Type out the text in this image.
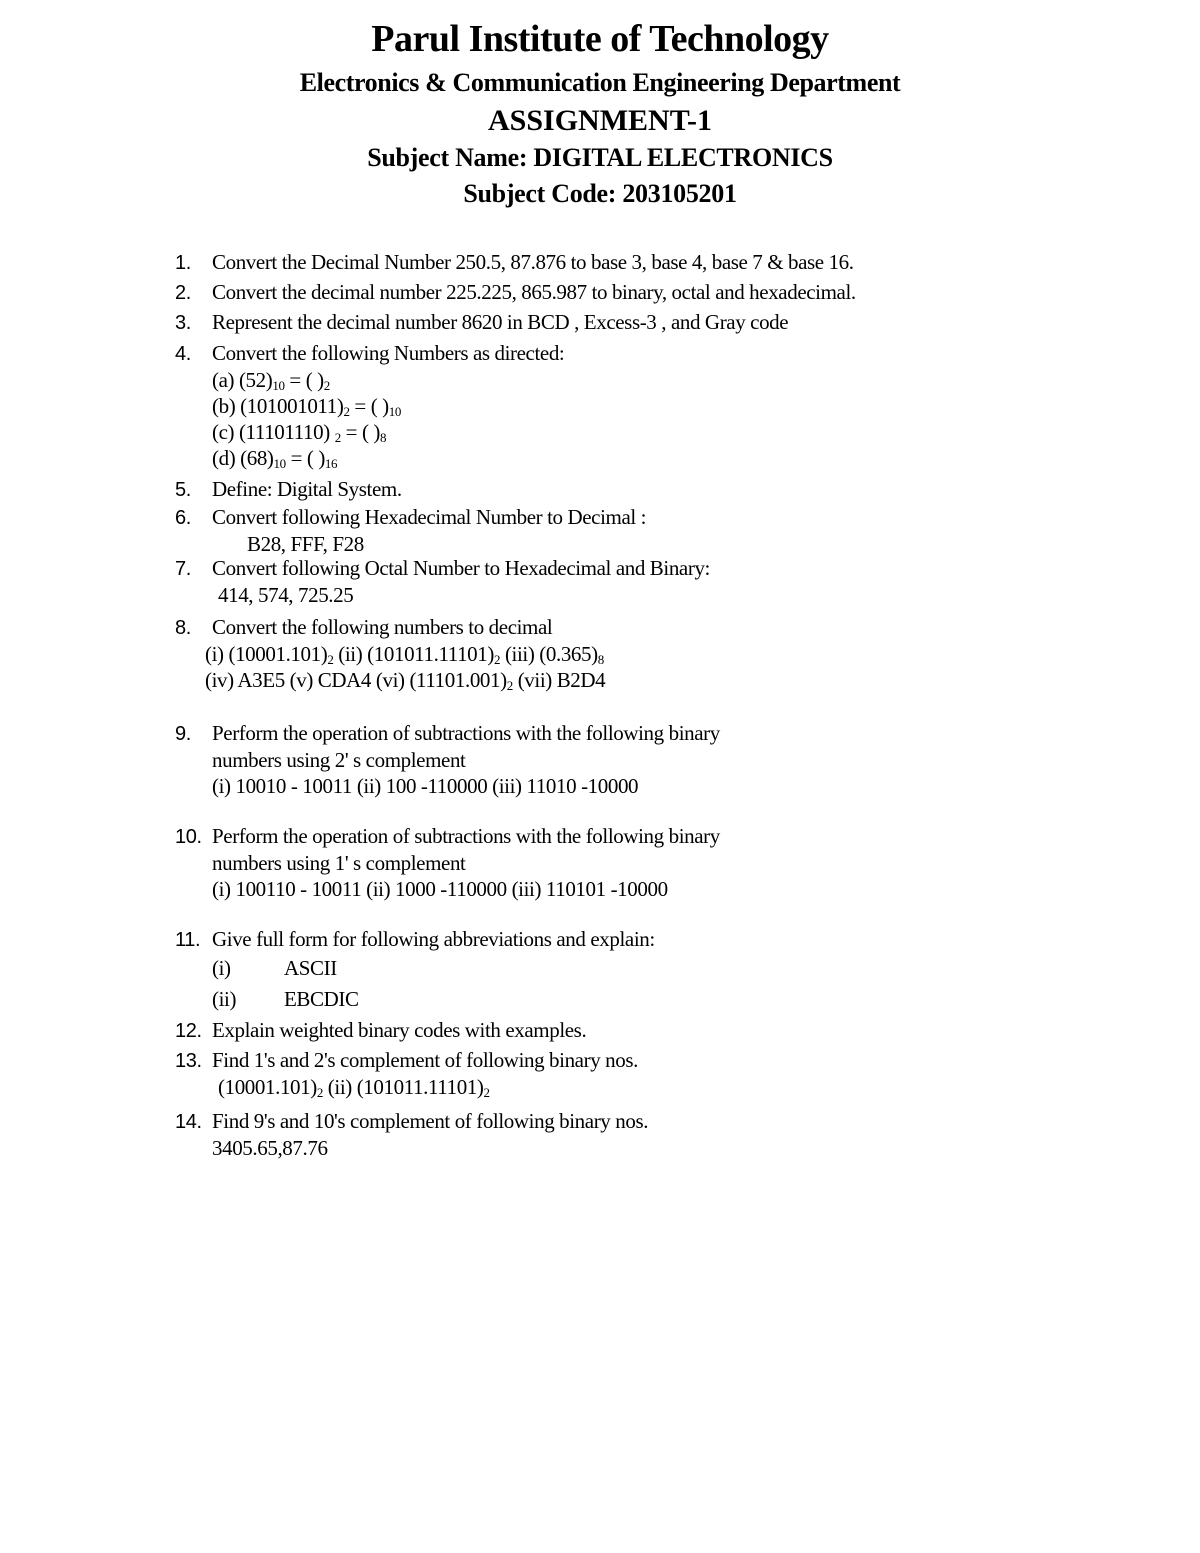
Parul Institute of Technology
Electronics & Communication Engineering Department
ASSIGNMENT-1
Subject Name: DIGITAL ELECTRONICS
Subject Code: 203105201
1. Convert the Decimal Number 250.5, 87.876 to base 3, base 4, base 7 & base 16.
2. Convert the decimal number 225.225, 865.987 to binary, octal and hexadecimal.
3. Represent the decimal number 8620 in BCD , Excess-3 , and Gray code
4. Convert the following Numbers as directed:
(a) $(52)_{10}$ = ( )$_2$
(b) $(101001011)_2$ = ( )$_{10}$
(c) (11101110) $_2$ = ( )$_8$
(d) $(68)_{10}$ = ( )$_{16}$
5. Define: Digital System.
6. Convert following Hexadecimal Number to Decimal :
B28, FFF, F28
7. Convert following Octal Number to Hexadecimal and Binary:
414, 574, 725.25
8. Convert the following numbers to decimal
(i) $(10001.101)_2$ (ii) $(101011.11101)_2$ (iii) $(0.365)_8$
(iv) A3E5 (v) CDA4 (vi) $(11101.001)_2$ (vii) B2D4
9. Perform the operation of subtractions with the following binary
numbers using 2' s complement
(i) 10010 - 10011 (ii) 100 -110000 (iii) 11010 -10000
10. Perform the operation of subtractions with the following binary
numbers using 1' s complement
(i) 100110 - 10011 (ii) 1000 -110000 (iii) 110101 -10000
11. Give full form for following abbreviations and explain:
(i)	ASCII
(ii) EBCDIC
12. Explain weighted binary codes with examples.
13. Find 1's and 2's complement of following binary nos.
$(10001.101)_2$ (ii) $(101011.11101)_2$
14. Find 9's and 10's complement of following binary nos.
3405.65,87.76
